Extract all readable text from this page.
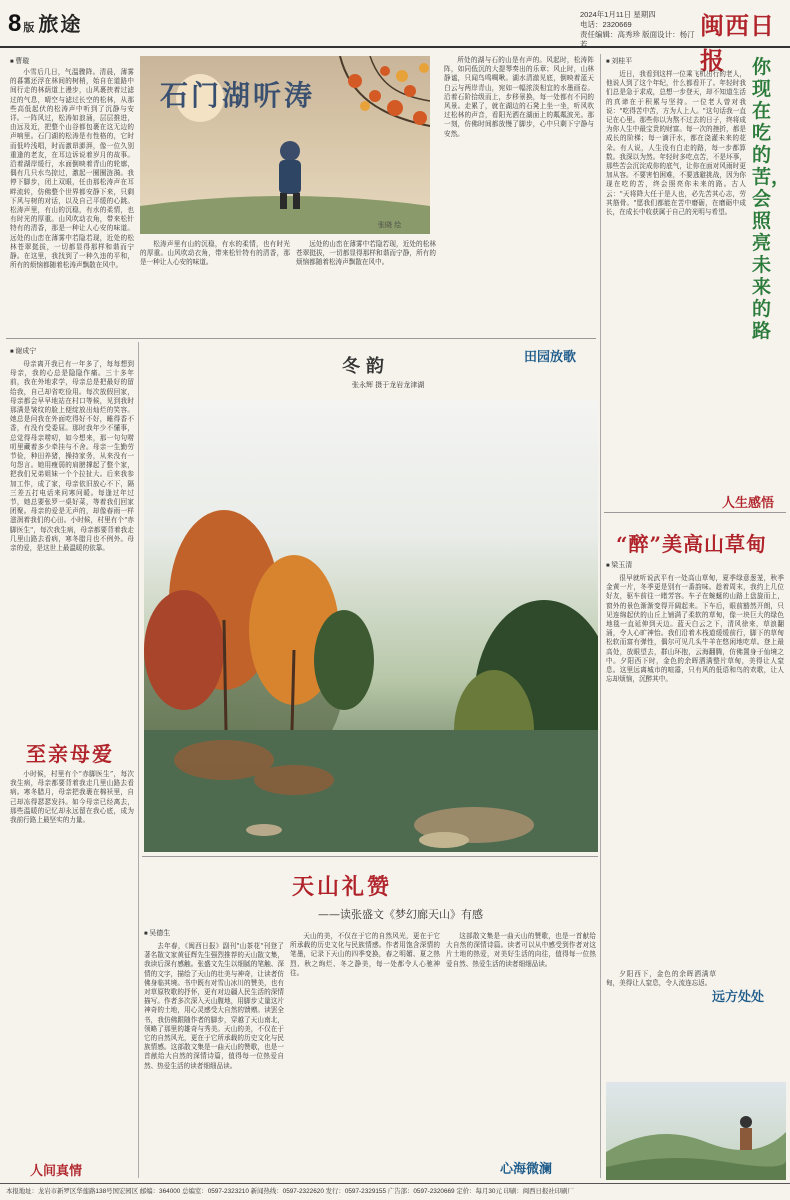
8 版 旅途	2024年1月11日 星期四
电话：2320669
责任编辑：高秀珍 版面设计：杨汀若
闽西日报
石门湖听涛
张晓 绘
■ 曹璇

小雪后几日，气温骤降。清晨，薄雾的暮霭还浮在林间的树梢，始自在道路中间行走的林荫道上漫步，山风裹挟着过滤过的气息，晴空与滤过长空的松林，从那些高低起伏的松涛声中听到了沉静与安详。一阵风过，松涛如浪涌，层层推进，由远及近，把整个山谷都包裹在这无边的声响里。石门湖的松涛是有性格的，它时而低吟浅唱，时而激昂澎湃，像一位久别重逢的老友，在耳边诉说着岁月的故事。沿着湖岸缓行，水面倒映着青山的轮廓，偶有几只水鸟掠过，激起一圈圈涟漪。我停下脚步，闭上双眼，任由那松涛声在耳畔流转，仿佛整个世界都安静下来，只剩下风与树的对话，以及自己平缓的心跳。松涛声里，有山的沉稳，有水的柔情，也有时光的厚重。山风吹动衣角，带来松针特有的清香，那是一种让人心安的味道。远处的山峦在薄雾中若隐若现，近处的松林苍翠挺拔，一切都显得那样和谐而宁静。在这里，我找到了一种久违的平和，所有的烦恼都随着松涛声飘散在风中。

松涛声里有山的沉稳，有水的柔情，也有时光的厚重。山风吹动衣角，带来松针特有的清香，那是一种让人心安的味道。

远处的山峦在薄雾中若隐若现，近处的松林苍翠挺拔，一切都显得那样和谐而宁静，所有的烦恼都随着松涛声飘散在风中。

所处的湖与石的山是有声的。风起时，松涛阵阵，如同低沉的大提琴奏出的乐章；风止时，山林静谧，只闻鸟鸣啁啾。湖水清澈见底，倒映着蓝天白云与两岸青山，宛如一幅浓淡相宜的水墨画卷。沿着石阶拾级而上，步移景换，每一处都有不同的风景。走累了，就在湖边的石凳上坐一坐，听风吹过松林的声音，看阳光洒在湖面上的粼粼波光。那一刻，仿佛时间都放慢了脚步，心中只剩下宁静与安然。

田园放歌
■ 刘桂平

近日，我看到这样一位乘飞机出行的老人，他说人到了这个年纪，什么都看开了。年轻时我们总是急于求成，总想一步登天，却不知道生活的真谛在于积累与坚持。一位老人曾对我说："吃得苦中苦，方为人上人。"这句话我一直记在心里。那些你以为熬不过去的日子，终将成为你人生中最宝贵的财富。每一次的挫折，都是成长的阶梯；每一滴汗水，都在浇灌未来的花朵。有人说，人生没有白走的路，每一步都算数。我深以为然。年轻时多吃点苦，不是坏事，那些苦会沉淀成你的底气，让你在面对风雨时更加从容。不要害怕困难，不要逃避挑战，因为你现在吃的苦，终会照亮你未来的路。古人云："天将降大任于是人也，必先苦其心志，劳其筋骨。"愿我们都能在苦中磨砺，在磨砺中成长，在成长中收获属于自己的光明与希望。

你现在吃的苦，会照亮未来的路
人生感悟
■ 谢成宁

母亲离开我已有一年多了，每每想到母亲，我的心总是隐隐作痛。三十多年前，我在外地求学，母亲总是把最好的留给我，自己却省吃俭用。每次放假回家，母亲都会早早地站在村口等候，见到我时那满是皱纹的脸上便绽放出灿烂的笑容。她总是问我在外面吃得好不好，睡得香不香，有没有受委屈。那时我年少不懂事，总觉得母亲唠叨，如今想来，那一句句唠叨里藏着多少牵挂与不舍。母亲一生勤劳节俭，种田养猪，操持家务，从来没有一句怨言。她用瘦弱的肩膀撑起了整个家，把我们兄弟姐妹一个个拉扯大。后来我参加工作，成了家，母亲依旧放心不下，隔三差五打电话来问寒问暖。每逢过年过节，她总要张罗一桌好菜，等着我们回家团聚。母亲的爱是无声的，却像春雨一样滋润着我们的心田。小时候，村里有个"赤脚医生"，每次我生病，母亲都要背着我走几里山路去看病，寒冬腊月也不例外。母亲的爱，是这世上最温暖的依靠。

至亲母爱

小时候，村里有个“赤脚医生”，每次我生病，母亲都要背着我走几里山路去看病。寒冬腊月，母亲把我裹在棉袄里，自己却冻得瑟瑟发抖。如今母亲已经离去，那些温暖的记忆却永远留在我心底，成为我前行路上最坚实的力量。

人间真情
冬韵
张永辉 摄于龙岩龙津湖
天山礼赞
——读张盛文《梦幻廊天山》有感
■ 吴德生

去年春，《闽西日报》副刊"山茶花"刊登了著名散文家黄征辉先生强烈推荐的天山散文集，我读后深有感触。张盛文先生以细腻的笔触、深情的文字，描绘了天山的壮美与神奇，让读者仿佛身临其境。书中既有对雪山冰川的赞美，也有对草原牧歌的抒怀，更有对边疆人民生活的深情描写。作者多次深入天山腹地，用脚步丈量这片神奇的土地，用心灵感受大自然的馈赠。读罢全书，我仿佛跟随作者的脚步，穿越了天山南北，领略了那里的雄奇与秀美。天山的美，不仅在于它的自然风光，更在于它所承载的历史文化与民族情感。这部散文集是一曲天山的赞歌，也是一首献给大自然的深情诗篇，值得每一位热爱自然、热爱生活的读者细细品读。

天山的美，不仅在于它的自然风光，更在于它所承载的历史文化与民族情感。作者用饱含深情的笔墨，记录下天山的四季变换，春之明媚、夏之热烈、秋之绚烂、冬之静美，每一处都令人心驰神往。

这部散文集是一曲天山的赞歌，也是一首献给大自然的深情诗篇。读者可以从中感受到作者对这片土地的热爱，对美好生活的向往，值得每一位热爱自然、热爱生活的读者细细品读。

心海微澜
“醉”美高山草甸
■ 梁玉清

很早就听说武平有一处高山草甸，夏季绿意葱茏，秋季金黄一片，冬季更是别有一番韵味。趁着周末，我约上几位好友，驱车前往一睹芳容。车子在蜿蜒的山路上盘旋而上，窗外的景色渐渐变得开阔起来。下车后，眼前豁然开朗，只见连绵起伏的山丘上铺满了柔软的草甸，像一块巨大的绿色地毯一直延伸到天边。蓝天白云之下，清风徐来，草浪翻涌，令人心旷神怡。我们沿着木栈道缓缓前行，脚下的草甸松软而富有弹性，偶尔可见几头牛羊在悠闲地吃草。登上最高处，放眼望去，群山环抱，云海翻腾，仿佛置身于仙境之中。夕阳西下时，金色的余晖洒满整片草甸，美得让人窒息。这里远离城市的喧嚣，只有风的低语和鸟的欢歌，让人忘却烦恼，沉醉其中。

夕阳西下，金色的余晖洒满草甸，美得让人窒息，令人流连忘返。

远方处处
本报地址：龙岩市新罗区华莲路138号国宏园区 邮编：364000 总编室：0597-2323210 新闻热线：0597-2322620 发行：0597-2329155 广告部：0597-2320669 定价：每月30元 印刷：闽西日报社印刷厂
